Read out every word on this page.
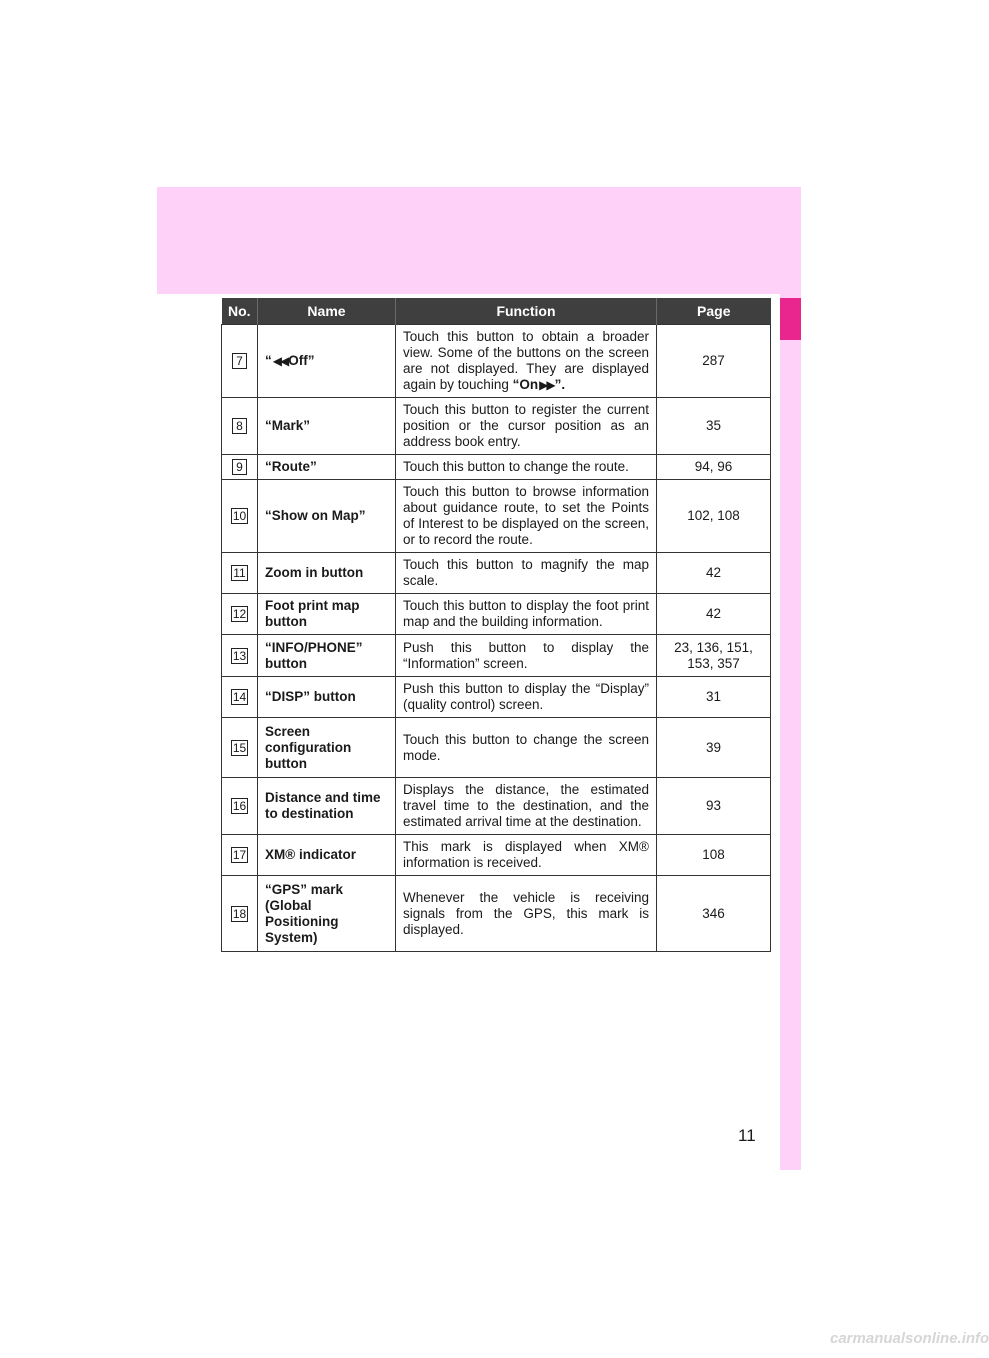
No.	Name	Function	Page
7	“◀◀Off”	Touch this button to obtain a broader view. Some of the buttons on the screen are not displayed. They are displayed again by touching “On▶▶”.	287
8	“Mark”	Touch this button to register the current position or the cursor position as an address book entry.	35
9	“Route”	Touch this button to change the route.	94, 96
10	“Show on Map”	Touch this button to browse information about guidance route, to set the Points of Interest to be displayed on the screen, or to record the route.	102, 108
11	Zoom in button	Touch this button to magnify the map scale.	42
12	Foot print map button	Touch this button to display the foot print map and the building information.	42
13	“INFO/PHONE” button	Push this button to display the “Information” screen.	23, 136, 151, 153, 357
14	“DISP” button	Push this button to display the “Display” (quality control) screen.	31
15	Screen configuration button	Touch this button to change the screen mode.	39
16	Distance and time to destination	Displays the distance, the estimated travel time to the destination, and the estimated arrival time at the destination.	93
17	XM® indicator	This mark is displayed when XM® information is received.	108
18	“GPS” mark (Global Positioning System)	Whenever the vehicle is receiving signals from the GPS, this mark is displayed.	346
11
carmanualsonline.info
